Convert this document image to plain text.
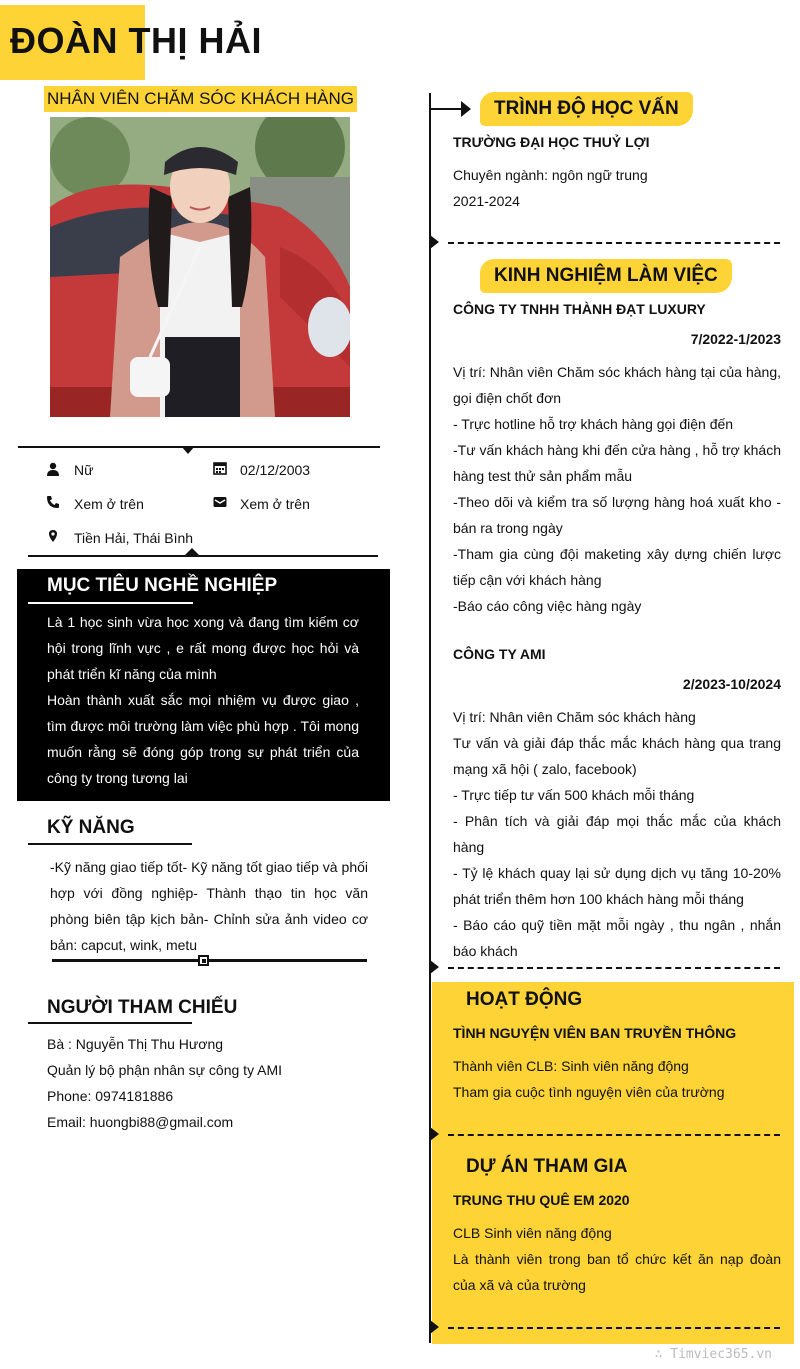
ĐOÀN THỊ HẢI
NHÂN VIÊN CHĂM SÓC KHÁCH HÀNG
Nữ	02/12/2003
Xem ở trên	Xem ở trên
Tiền Hải, Thái Bình
MỤC TIÊU NGHỀ NGHIỆP
Là 1 học sinh vừa học xong và đang tìm kiếm cơ hội trong lĩnh vực , e rất mong được học hỏi và phát triển kĩ năng của mình
Hoàn thành xuất sắc mọi nhiệm vụ được giao , tìm được môi trường làm việc phù hợp . Tôi mong muốn rằng sẽ đóng góp trong sự phát triển của công ty trong tương lai
KỸ NĂNG
-Kỹ năng giao tiếp tốt- Kỹ năng tốt giao tiếp và phối hợp với đồng nghiệp- Thành thạo tin học văn phòng biên tập kịch bản- Chỉnh sửa ảnh video cơ bản: capcut, wink, metu
NGƯỜI THAM CHIẾU
Bà : Nguyễn Thị Thu Hương
Quản lý bộ phận nhân sự công ty AMI
Phone: 0974181886
Email: huongbi88@gmail.com
TRÌNH ĐỘ HỌC VẤN
TRƯỜNG ĐẠI HỌC THUỶ LỢI
Chuyên ngành: ngôn ngữ trung
2021-2024
KINH NGHIỆM LÀM VIỆC
CÔNG TY TNHH THÀNH ĐẠT LUXURY
7/2022-1/2023
Vị trí: Nhân viên Chăm sóc khách hàng tại của hàng, gọi điện chốt đơn
- Trực hotline hỗ trợ khách hàng gọi điện đến
-Tư vấn khách hàng khi đến cửa hàng , hỗ trợ khách hàng test thử sản phẩm mẫu
-Theo dõi và kiểm tra số lượng hàng hoá xuất kho - bán ra trong ngày
-Tham gia cùng đội maketing xây dựng chiến lược tiếp cận với khách hàng
-Báo cáo công việc hàng ngày
CÔNG TY AMI
2/2023-10/2024
Vị trí: Nhân viên Chăm sóc khách hàng
Tư vấn và giải đáp thắc mắc khách hàng qua trang mạng xã hội ( zalo, facebook)
- Trực tiếp tư vấn 500 khách mỗi tháng
- Phân tích và giải đáp mọi thắc mắc của khách hàng
- Tỷ lệ khách quay lại sử dụng dịch vụ tăng 10-20% phát triển thêm hơn 100 khách hàng mỗi tháng
- Báo cáo quỹ tiền mặt mỗi ngày , thu ngân , nhắn báo khách
HOẠT ĐỘNG
TÌNH NGUYỆN VIÊN BAN TRUYỀN THÔNG
Thành viên CLB: Sinh viên năng động
Tham gia cuộc tình nguyện viên của trường
DỰ ÁN THAM GIA
TRUNG THU QUÊ EM 2020
CLB Sinh viên năng động
Là thành viên trong ban tổ chức kết ăn nạp đoàn của xã và của trường
∴ Timviec365.vn
